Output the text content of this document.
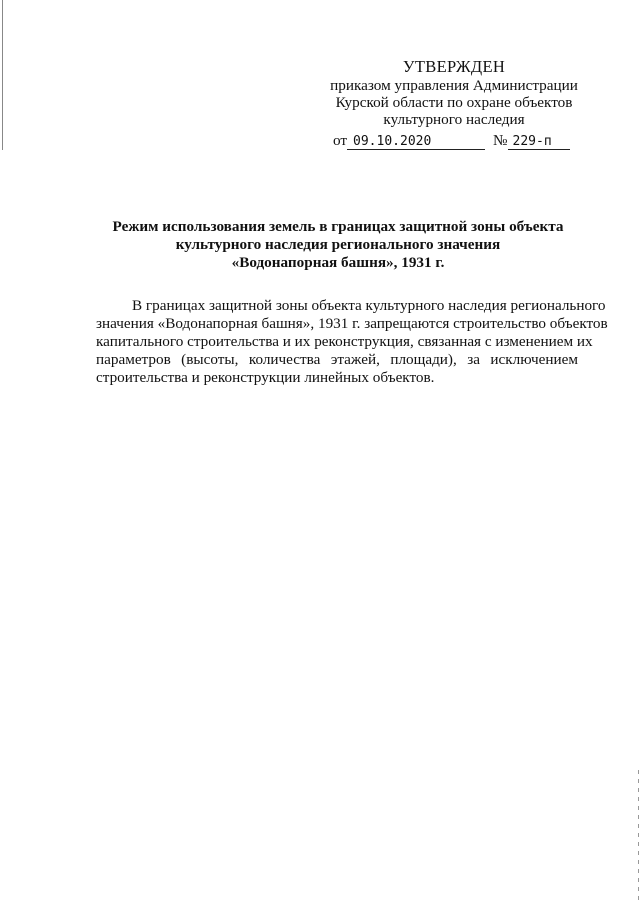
УТВЕРЖДЕН
приказом управления Администрации
Курской области по охране объектов
культурного наследия
от 09.10.2020	№ 229-п
Режим использования земель в границах защитной зоны объекта
культурного наследия регионального значения
«Водонапорная башня», 1931 г.
В границах защитной зоны объекта культурного наследия регионального
значения «Водонапорная башня», 1931 г. запрещаются строительство объектов
капитального строительства и их реконструкция, связанная с изменением их
параметров (высоты, количества этажей, площади), за исключением
строительства и реконструкции линейных объектов.
